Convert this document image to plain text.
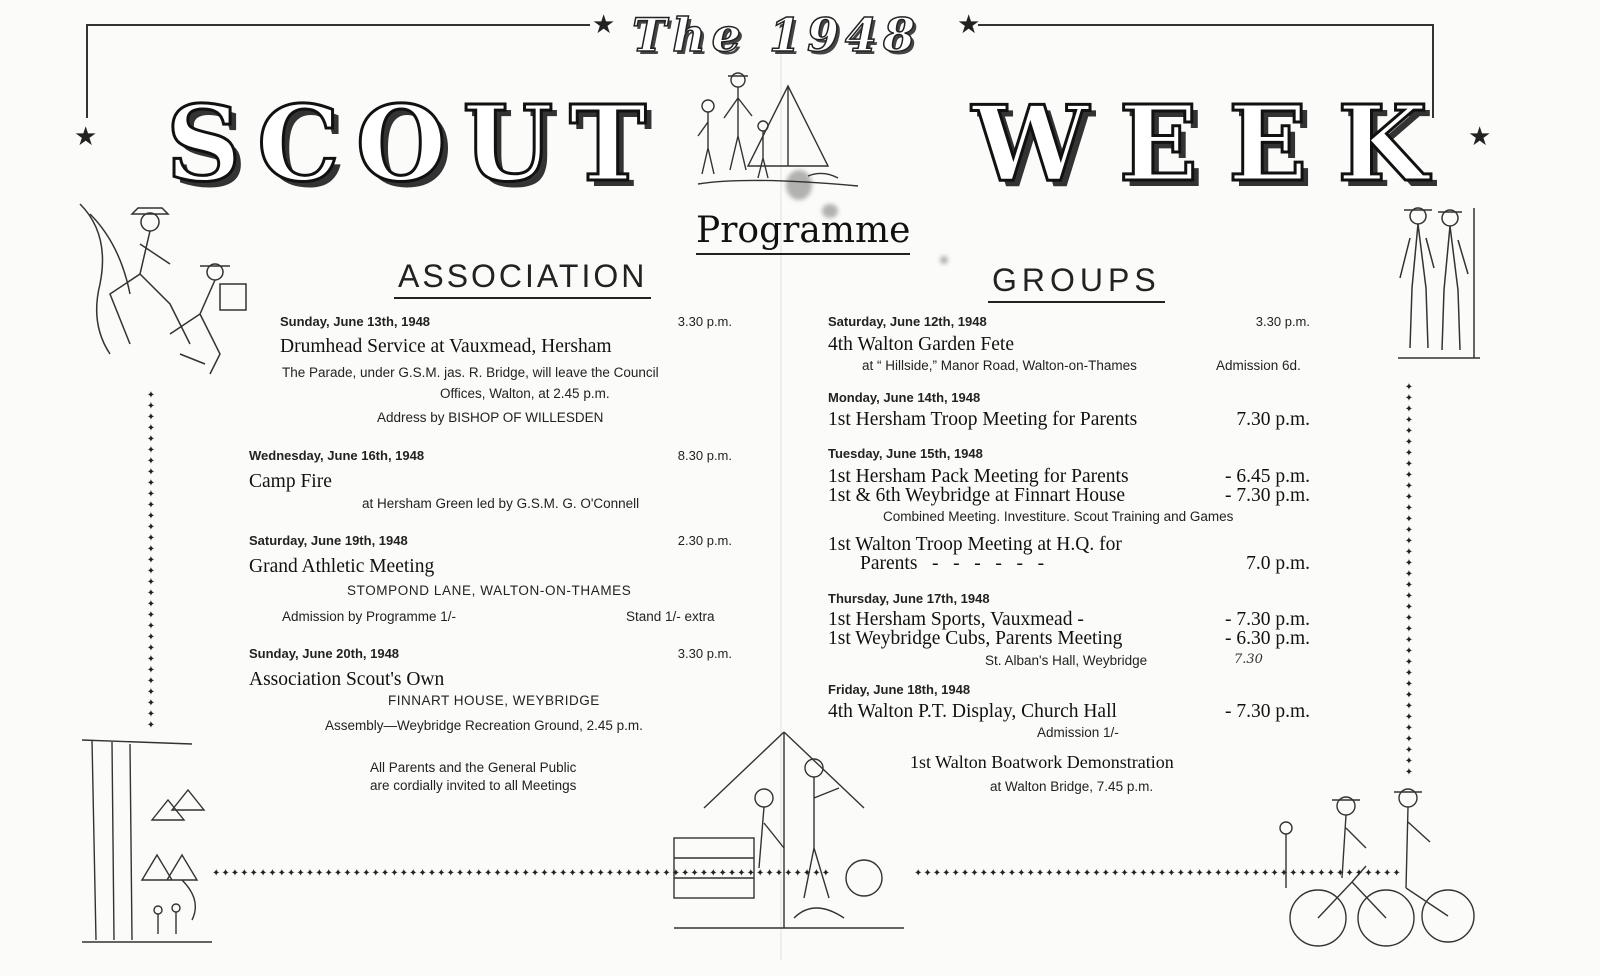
★	★
★	★
The 1948
SCOUT	WEEK
Programme
✦
✦
✦
✦
✦
✦
✦
✦
✦
✦
✦
✦
✦
✦
✦
✦
✦
✦
✦
✦
✦
✦
✦
✦
✦
✦
✦
✦
✦
✦
✦
✦
✦
✦
✦
✦
✦
✦
✦
✦
✦
✦
✦
✦
✦
✦
✦
✦
✦
✦
✦
✦
✦
✦
✦
✦
✦
✦
✦
✦
✦
✦
✦
✦
✦
✦
✦
✦✦✦✦✦✦✦✦✦✦✦✦✦✦✦✦✦✦✦✦✦✦✦✦✦✦✦✦✦✦✦✦✦✦✦✦✦✦✦✦✦✦✦✦✦✦✦✦✦✦✦✦✦✦✦✦✦✦✦✦✦✦✦✦✦✦	✦✦✦✦✦✦✦✦✦✦✦✦✦✦✦✦✦✦✦✦✦✦✦✦✦✦✦✦✦✦✦✦✦✦✦✦✦✦✦✦✦✦✦✦✦✦✦✦✦✦✦✦
ASSOCIATION
Sunday, June 13th, 1948	3.30 p.m.
Drumhead Service at Vauxmead, Hersham
The Parade, under G.S.M. jas. R. Bridge, will leave the Council
Offices, Walton, at 2.45 p.m.
Address by BISHOP OF WILLESDEN
Wednesday, June 16th, 1948	8.30 p.m.
Camp Fire
at Hersham Green led by G.S.M. G. O'Connell
Saturday, June 19th, 1948	2.30 p.m.
Grand Athletic Meeting
STOMPOND LANE, WALTON-ON-THAMES
Admission by Programme 1/-	Stand 1/- extra
Sunday, June 20th, 1948	3.30 p.m.
Association Scout's Own
FINNART HOUSE, WEYBRIDGE
Assembly—Weybridge Recreation Ground, 2.45 p.m.
All Parents and the General Public
are cordially invited to all Meetings
GROUPS
Saturday, June 12th, 1948	3.30 p.m.
4th Walton Garden Fete
at “ Hillside,” Manor Road, Walton-on-Thames	Admission 6d.
Monday, June 14th, 1948
1st Hersham Troop Meeting for Parents	7.30 p.m.
Tuesday, June 15th, 1948
1st Hersham Pack Meeting for Parents	- 6.45 p.m.
1st & 6th Weybridge at Finnart House	- 7.30 p.m.
Combined Meeting. Investiture. Scout Training and Games
1st Walton Troop Meeting at H.Q. for
Parents   -   -   -   -   -   -	7.0 p.m.
Thursday, June 17th, 1948
1st Hersham Sports, Vauxmead -	- 7.30 p.m.
1st Weybridge Cubs, Parents Meeting	- 6.30 p.m.
St. Alban's Hall, Weybridge	7.30
Friday, June 18th, 1948
4th Walton P.T. Display, Church Hall	- 7.30 p.m.
Admission 1/-
1st Walton Boatwork Demonstration
at Walton Bridge, 7.45 p.m.
